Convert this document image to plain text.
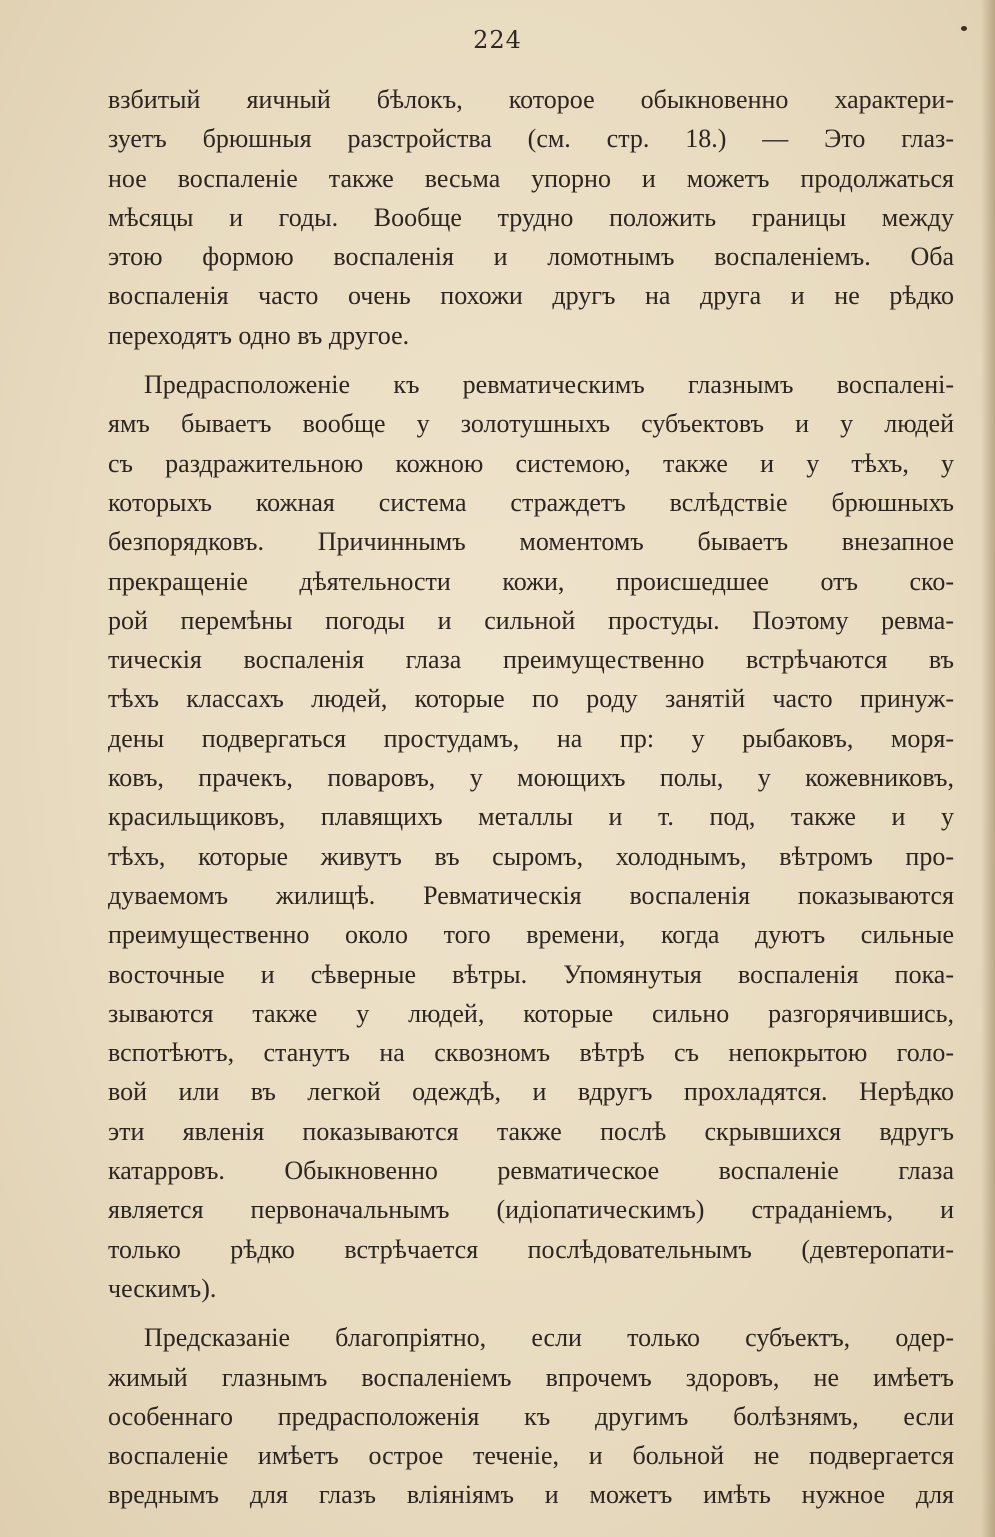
224
взбитый яичный бѣлокъ, которое обыкновенно характери-
зуетъ брюшныя разстройства (см. стр. 18.) — Это глаз-
ное воспаленіе также весьма упорно и можетъ продолжаться
мѣсяцы и годы. Вообще трудно положить границы между
этою формою воспаленія и ломотнымъ воспаленіемъ. Оба
воспаленія часто очень похожи другъ на друга и не рѣдко
переходятъ одно въ другое.
Предрасположеніе къ ревматическимъ глазнымъ воспалені-
ямъ бываетъ вообще у золотушныхъ субъектовъ и у людей
съ раздражительною кожною системою, также и у тѣхъ, у
которыхъ кожная система страждетъ вслѣдствіе брюшныхъ
безпорядковъ. Причиннымъ моментомъ бываетъ внезапное
прекращеніе дѣятельности кожи, происшедшее отъ ско-
рой перемѣны погоды и сильной простуды. Поэтому ревма-
тическія воспаленія глаза преимущественно встрѣчаются въ
тѣхъ классахъ людей, которые по роду занятій часто принуж-
дены подвергаться простудамъ, на пр: у рыбаковъ, моря-
ковъ, прачекъ, поваровъ, у моющихъ полы, у кожевниковъ,
красильщиковъ, плавящихъ металлы и т. под, также и у
тѣхъ, которые живутъ въ сыромъ, холоднымъ, вѣтромъ про-
дуваемомъ жилищѣ. Ревматическія воспаленія показываются
преимущественно около того времени, когда дуютъ сильные
восточные и сѣверные вѣтры. Упомянутыя воспаленія пока-
зываются также у людей, которые сильно разгорячившись,
вспотѣютъ, станутъ на сквозномъ вѣтрѣ съ непокрытою голо-
вой или въ легкой одеждѣ, и вдругъ прохладятся. Нерѣдко
эти явленія показываются также послѣ скрывшихся вдругъ
катарровъ. Обыкновенно ревматическое воспаленіе глаза
является первоначальнымъ (идіопатическимъ) страданіемъ, и
только рѣдко встрѣчается послѣдовательнымъ (девтеропати-
ческимъ).
Предсказаніе благопріятно, если только субъектъ, одер-
жимый глазнымъ воспаленіемъ впрочемъ здоровъ, не имѣетъ
особеннаго предрасположенія къ другимъ болѣзнямъ, если
воспаленіе имѣетъ острое теченіе, и больной не подвергается
вреднымъ для глазъ вліяніямъ и можетъ имѣть нужное для
